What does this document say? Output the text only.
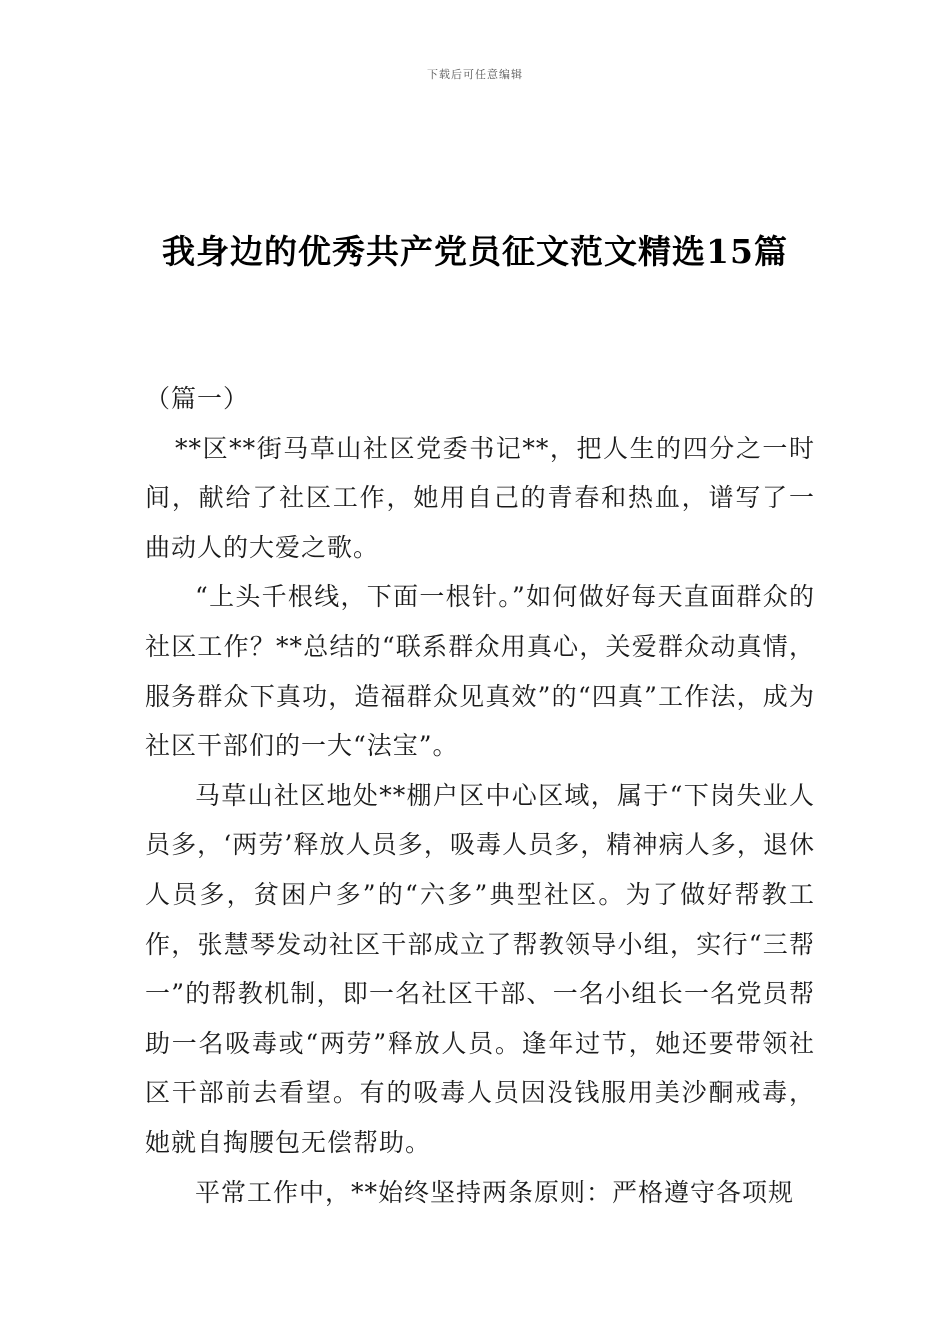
下载后可任意编辑
我身边的优秀共产党员征文范文精选15篇

（篇一）

**区**街马草山社区党委书记**，把人生的四分之一时间，献给了社区工作，她用自己的青春和热血，谱写了一曲动人的大爱之歌。

“上头千根线，下面一根针。”如何做好每天直面群众的社区工作？**总结的“联系群众用真心，关爱群众动真情，服务群众下真功，造福群众见真效”的“四真”工作法，成为社区干部们的一大“法宝”。

马草山社区地处**棚户区中心区域，属于“下岗失业人员多，‘两劳’释放人员多，吸毒人员多，精神病人多，退休人员多，贫困户多”的“六多”典型社区。为了做好帮教工作，张慧琴发动社区干部成立了帮教领导小组，实行“三帮一”的帮教机制，即一名社区干部、一名小组长一名党员帮助一名吸毒或“两劳”释放人员。逢年过节，她还要带领社区干部前去看望。有的吸毒人员因没钱服用美沙酮戒毒，她就自掏腰包无偿帮助。

平常工作中，**始终坚持两条原则：严格遵守各项规
